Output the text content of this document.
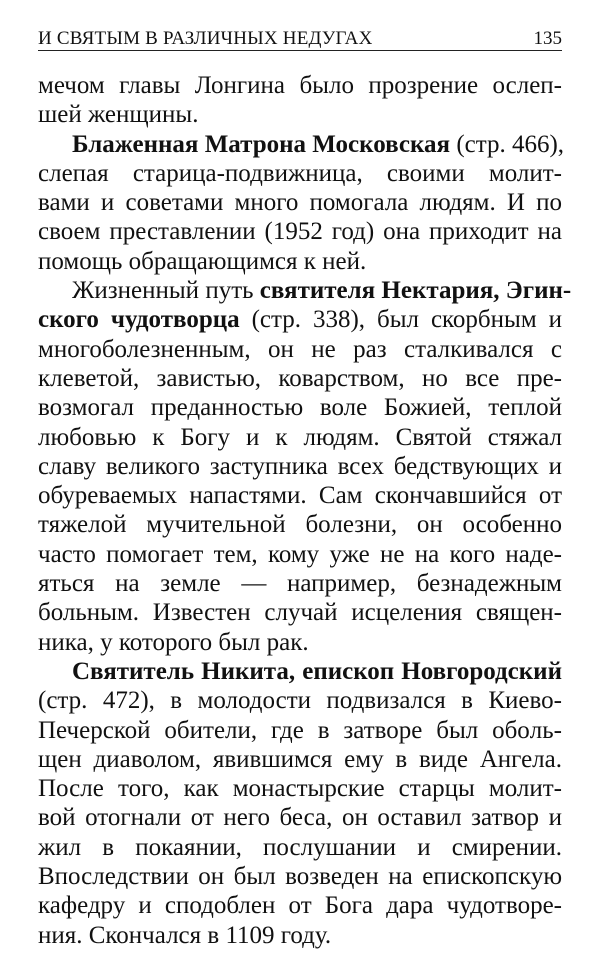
И СВЯТЫМ В РАЗЛИЧНЫХ НЕДУГАХ	135
мечом главы Лонгина было прозрение ослеп-
шей женщины.
Блаженная Матрона Московская (стр. 466),
слепая старица-подвижница, своими молит-
вами и советами много помогала людям. И по
своем преставлении (1952 год) она приходит на
помощь обращающимся к ней.
Жизненный путь святителя Нектария, Эгин-
ского чудотворца (стр. 338), был скорбным и
многоболезненным, он не раз сталкивался с
клеветой, завистью, коварством, но все пре-
возмогал преданностью воле Божией, теплой
любовью к Богу и к людям. Святой стяжал
славу великого заступника всех бедствующих и
обуреваемых напастями. Сам скончавшийся от
тяжелой мучительной болезни, он особенно
часто помогает тем, кому уже не на кого наде-
яться на земле — например, безнадежным
больным. Известен случай исцеления священ-
ника, у которого был рак.
Святитель Никита, епископ Новгородский
(стр. 472), в молодости подвизался в Киево-
Печерской обители, где в затворе был обoль-
щен диаволом, явившимся ему в виде Ангела.
После того, как монастырские старцы молит-
вой отогнали от него беса, он оставил затвор и
жил в покаянии, послушании и смирении.
Впоследствии он был возведен на епископскую
кафедру и сподоблен от Бога дара чудотворе-
ния. Скончался в 1109 году.
